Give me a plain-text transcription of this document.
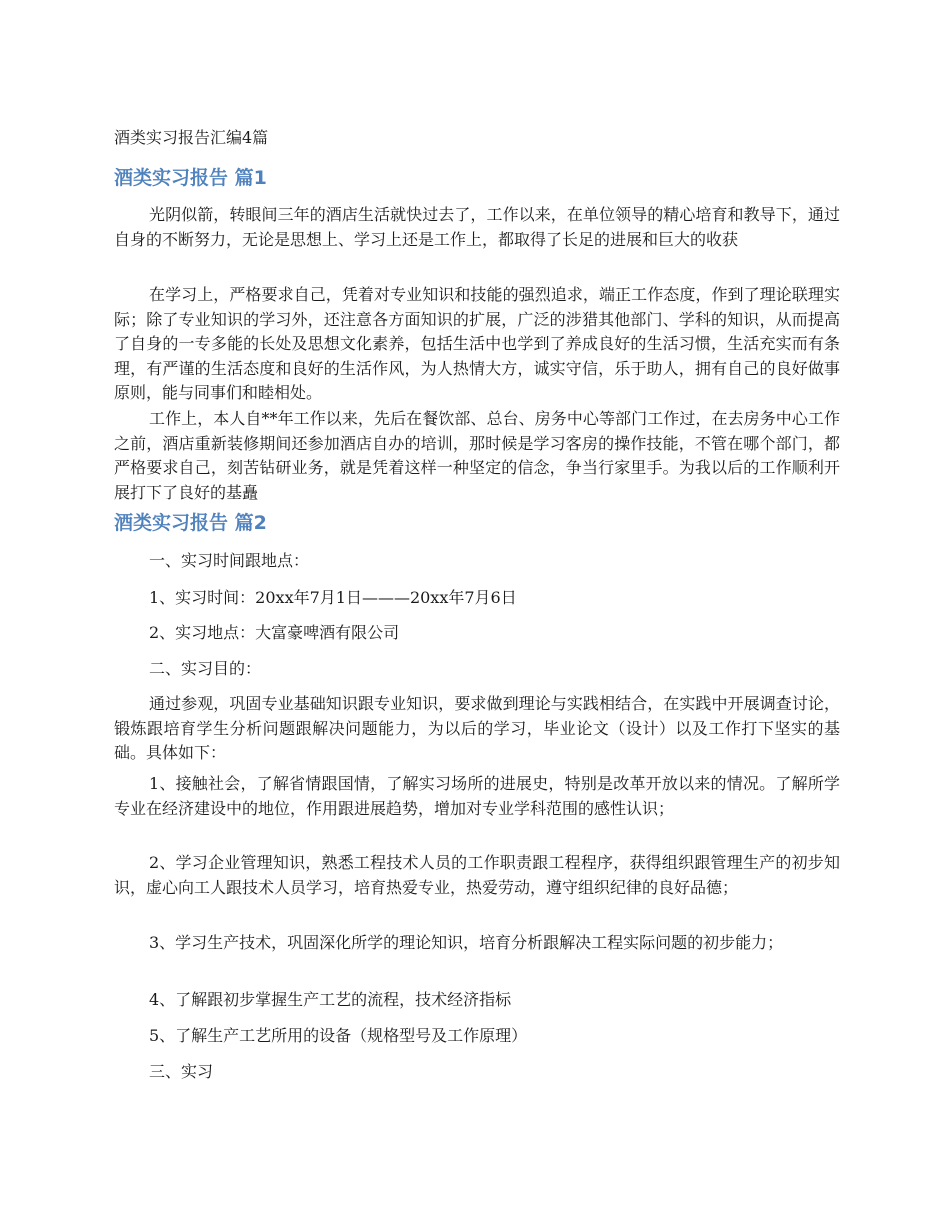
酒类实习报告汇编4篇
酒类实习报告 篇1
光阴似箭，转眼间三年的酒店生活就快过去了，工作以来，在单位领导的精心培育和教导下，通过自身的不断努力，无论是思想上、学习上还是工作上，都取得了长足的进展和巨大的收获
在学习上，严格要求自己，凭着对专业知识和技能的强烈追求，端正工作态度，作到了理论联理实际；除了专业知识的学习外，还注意各方面知识的扩展，广泛的涉猎其他部门、学科的知识，从而提高了自身的一专多能的长处及思想文化素养，包括生活中也学到了养成良好的生活习惯，生活充实而有条理，有严谨的生活态度和良好的生活作风，为人热情大方，诚实守信，乐于助人，拥有自己的良好做事原则，能与同事们和睦相处。
工作上，本人自**年工作以来，先后在餐饮部、总台、房务中心等部门工作过，在去房务中心工作之前，酒店重新装修期间还参加酒店自办的培训，那时候是学习客房的操作技能，不管在哪个部门，都严格要求自己，刻苦钻研业务，就是凭着这样一种坚定的信念，争当行家里手。为我以后的工作顺利开展打下了良好的基矗
酒类实习报告 篇2
一、实习时间跟地点：
1、实习时间：20xx年7月1日———20xx年7月6日
2、实习地点：大富豪啤酒有限公司
二、实习目的：
通过参观，巩固专业基础知识跟专业知识，要求做到理论与实践相结合，在实践中开展调查讨论，锻炼跟培育学生分析问题跟解决问题能力，为以后的学习，毕业论文（设计）以及工作打下坚实的基础。具体如下：
1、接触社会，了解省情跟国情，了解实习场所的进展史，特别是改革开放以来的情况。了解所学专业在经济建设中的地位，作用跟进展趋势，增加对专业学科范围的感性认识；
2、学习企业管理知识，熟悉工程技术人员的工作职责跟工程程序，获得组织跟管理生产的初步知识，虚心向工人跟技术人员学习，培育热爱专业，热爱劳动，遵守组织纪律的良好品德；
3、学习生产技术，巩固深化所学的理论知识，培育分析跟解决工程实际问题的初步能力；
4、了解跟初步掌握生产工艺的流程，技术经济指标
5、了解生产工艺所用的设备（规格型号及工作原理）
三、实习
